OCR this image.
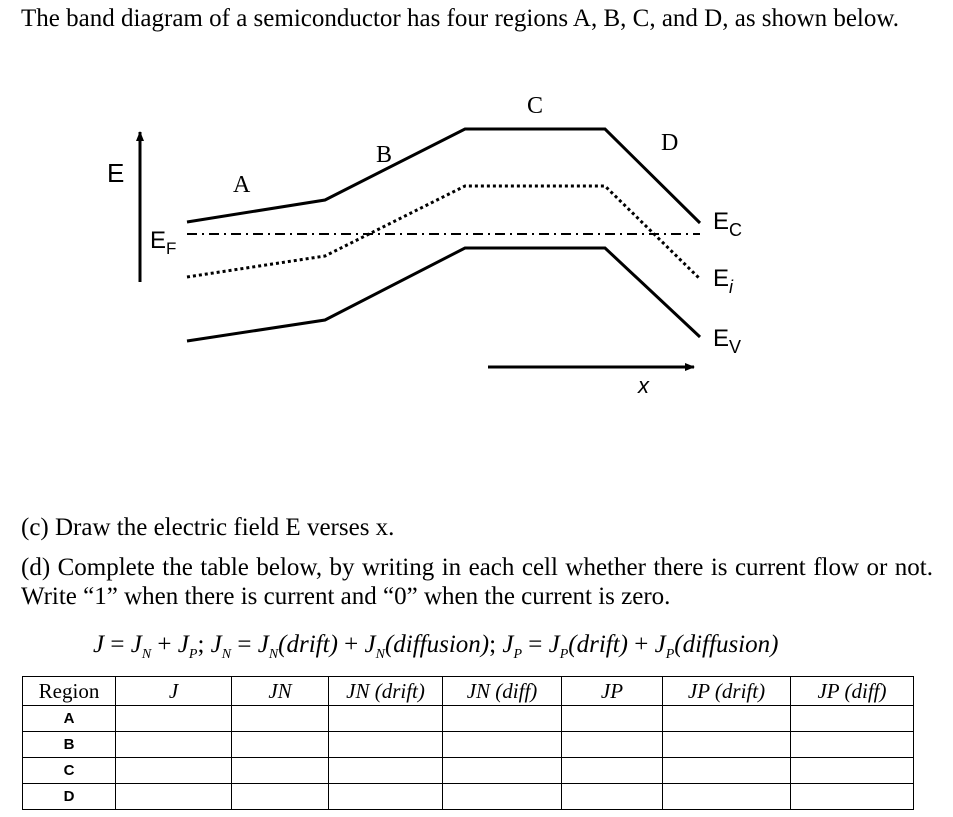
The band diagram of a semiconductor has four regions A, B, C, and D, as shown below.

E
x
A
B
C
D
$E_F$
$E_C$
$E_i$
$E_V$

(c) Draw the electric field E verses x.

(d) Complete the table below, by writing in each cell whether there is current flow or not. Write “1” when there is current and “0” when the current is zero.

$J = J_N + J_P$; $J_N$ = $J_N(drift)$ + $J_N(diffusion)$; $J_P$ = $J_P(drift)$ + $J_P(diffusion)$
Region	J	JN	JN (drift)	JN (diff)	JP	JP (drift)	JP (diff)
A							
B							
C							
D							
